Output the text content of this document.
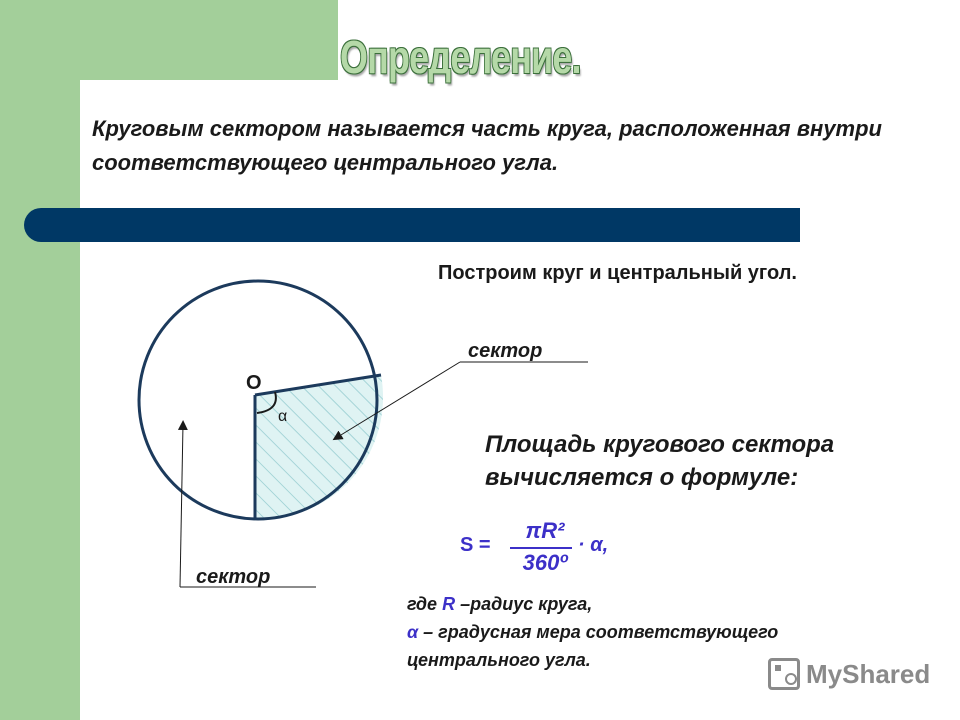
Определение.
Круговым сектором называется часть круга, расположенная внутри соответствующего центрального угла.
Построим круг и центральный угол.
сектор
сектор
О
α
Площадь кругового сектора вычисляется о формуле:
S =
πR²
360º
· α,
где R –радиус круга,
α – градусная мера соответствующего
центрального угла.	MyShared
